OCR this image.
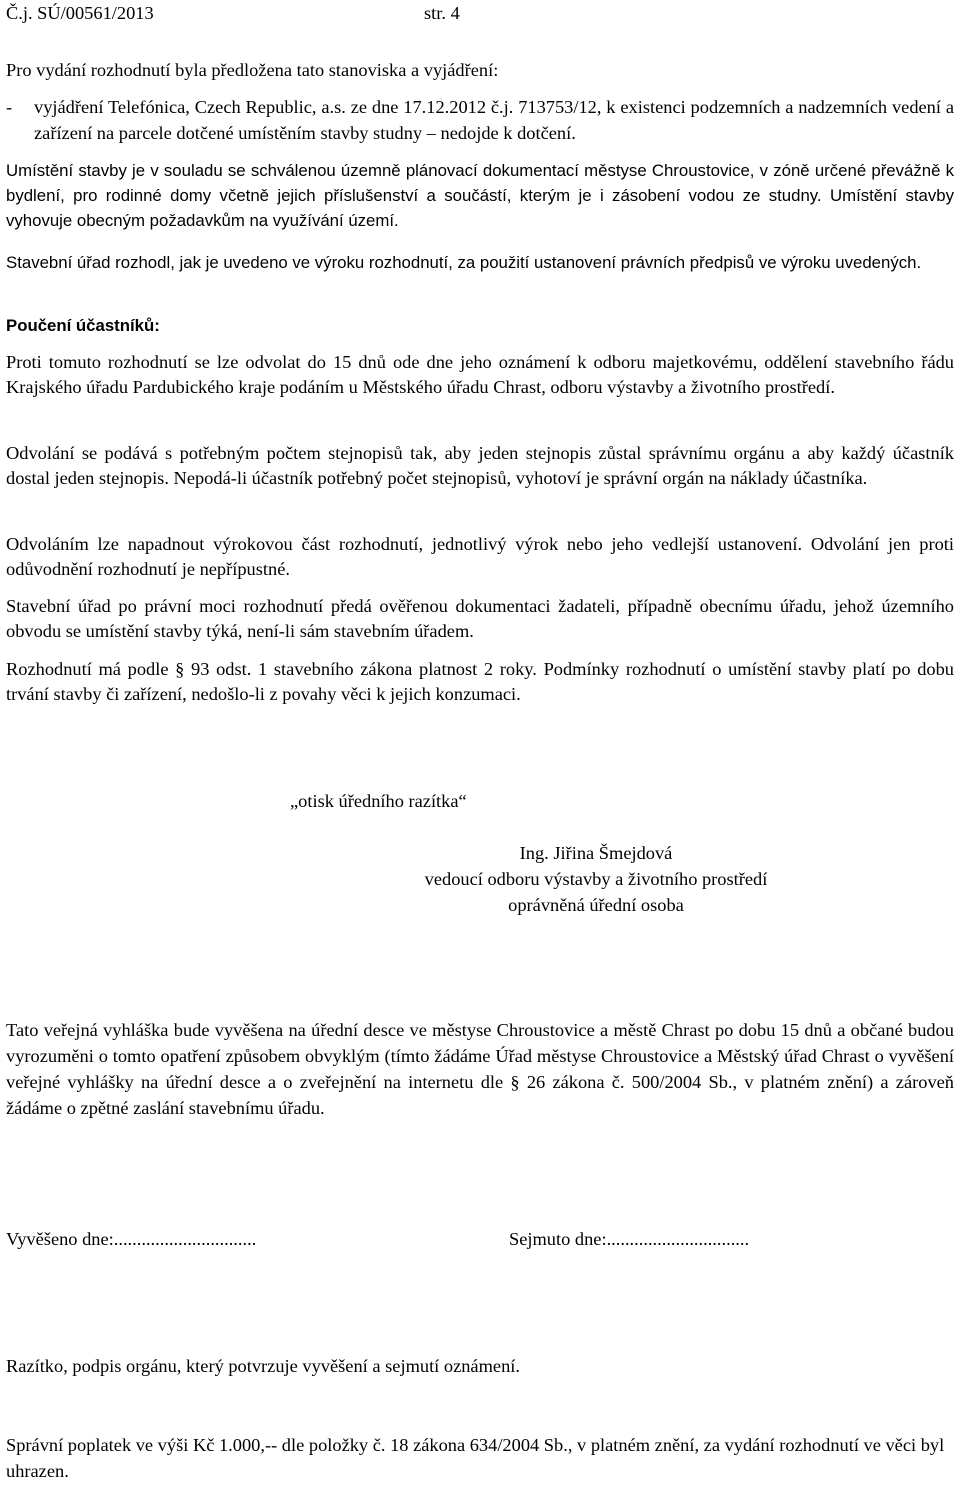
Č.j. SÚ/00561/2013	str. 4

Pro vydání rozhodnutí byla předložena tato stanoviska a vyjádření:

-	vyjádření Telefónica, Czech Republic, a.s. ze dne 17.12.2012 č.j. 713753/12, k existenci podzemních a nadzemních vedení a zařízení na parcele dotčené umístěním stavby studny – nedojde k dotčení.

Umístění stavby je v souladu se schválenou územně plánovací dokumentací městyse Chroustovice, v zóně určené převážně k bydlení, pro rodinné domy včetně jejich příslušenství a součástí, kterým je i zásobení vodou ze studny. Umístění stavby vyhovuje obecným požadavkům na využívání území.

Stavební úřad rozhodl, jak je uvedeno ve výroku rozhodnutí, za použití ustanovení právních předpisů ve výroku uvedených.

Poučení účastníků:

Proti tomuto rozhodnutí se lze odvolat do 15 dnů ode dne jeho oznámení k odboru majetkovému, oddělení stavebního řádu Krajského úřadu Pardubického kraje podáním u Městského úřadu Chrast, odboru výstavby a životního prostředí.

Odvolání se podává s potřebným počtem stejnopisů tak, aby jeden stejnopis zůstal správnímu orgánu a aby každý účastník dostal jeden stejnopis. Nepodá-li účastník potřebný počet stejnopisů, vyhotoví je správní orgán na náklady účastníka.

Odvoláním lze napadnout výrokovou část rozhodnutí, jednotlivý výrok nebo jeho vedlejší ustanovení. Odvolání jen proti odůvodnění rozhodnutí je nepřípustné.

Stavební úřad po právní moci rozhodnutí předá ověřenou dokumentaci žadateli, případně obecnímu úřadu, jehož územního obvodu se umístění stavby týká, není-li sám stavebním úřadem.

Rozhodnutí má podle § 93 odst. 1 stavebního zákona platnost 2 roky. Podmínky rozhodnutí o umístění stavby platí po dobu trvání stavby či zařízení, nedošlo-li z povahy věci k jejich konzumaci.

„otisk úředního razítka“

Ing. Jiřina Šmejdová
vedoucí odboru výstavby a životního prostředí
oprávněná úřední osoba

Tato veřejná vyhláška bude vyvěšena na úřední desce ve městyse Chroustovice a městě Chrast po dobu 15 dnů a občané budou vyrozuměni o tomto opatření způsobem obvyklým (tímto žádáme Úřad městyse Chroustovice a Městský úřad Chrast o vyvěšení veřejné vyhlášky na úřední desce a o zveřejnění na internetu dle § 26 zákona č. 500/2004 Sb., v platném znění) a zároveň žádáme o zpětné zaslání stavebnímu úřadu.

Vyvěšeno dne:...............................	Sejmuto dne:...............................

Razítko, podpis orgánu, který potvrzuje vyvěšení a sejmutí oznámení.

Správní poplatek ve výši Kč 1.000,-- dle položky č. 18 zákona 634/2004 Sb., v platném znění, za vydání rozhodnutí ve věci byl uhrazen.
